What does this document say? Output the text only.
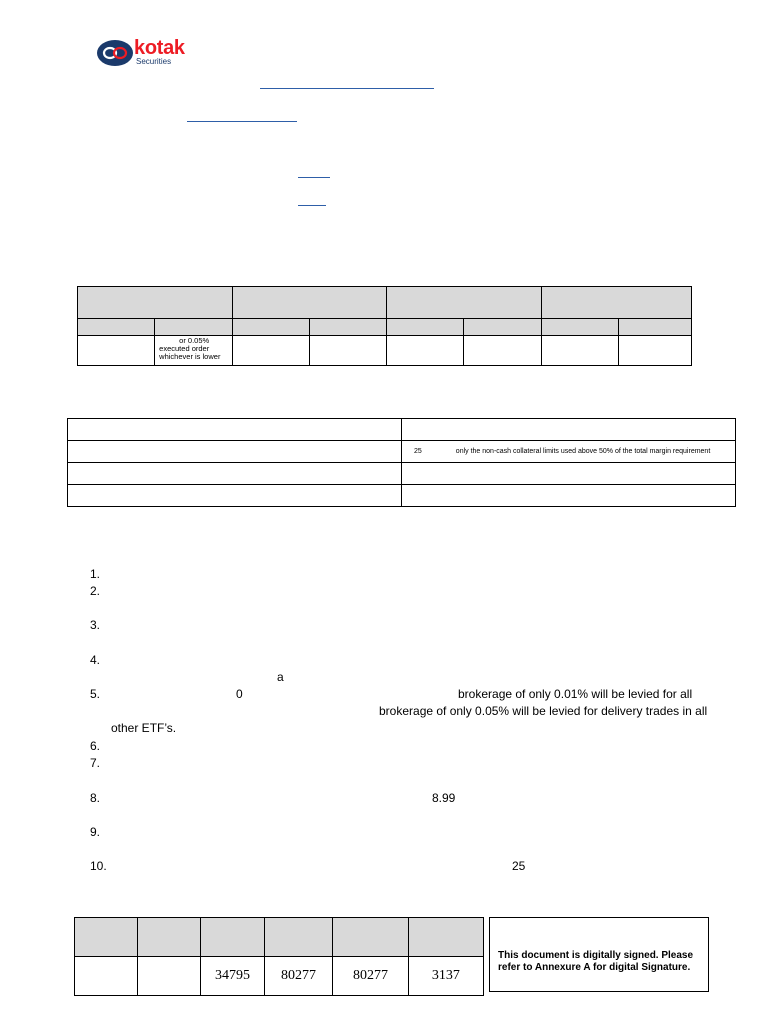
kotak
Securities

	or 0.05%
executed order
whichever is lower						

	25 only the non-cash collateral limits used above 50% of the total margin requirement

1.
2.
3.
4.
a
5.	0	brokerage of only 0.01% will be levied for all
brokerage of only 0.05% will be levied for delivery trades in all
other ETF’s.
6.
7.
8.	8.99
9.
10.	25

		34795	80277	80277	3137
This document is digitally signed. Please refer to Annexure A for digital Signature.
